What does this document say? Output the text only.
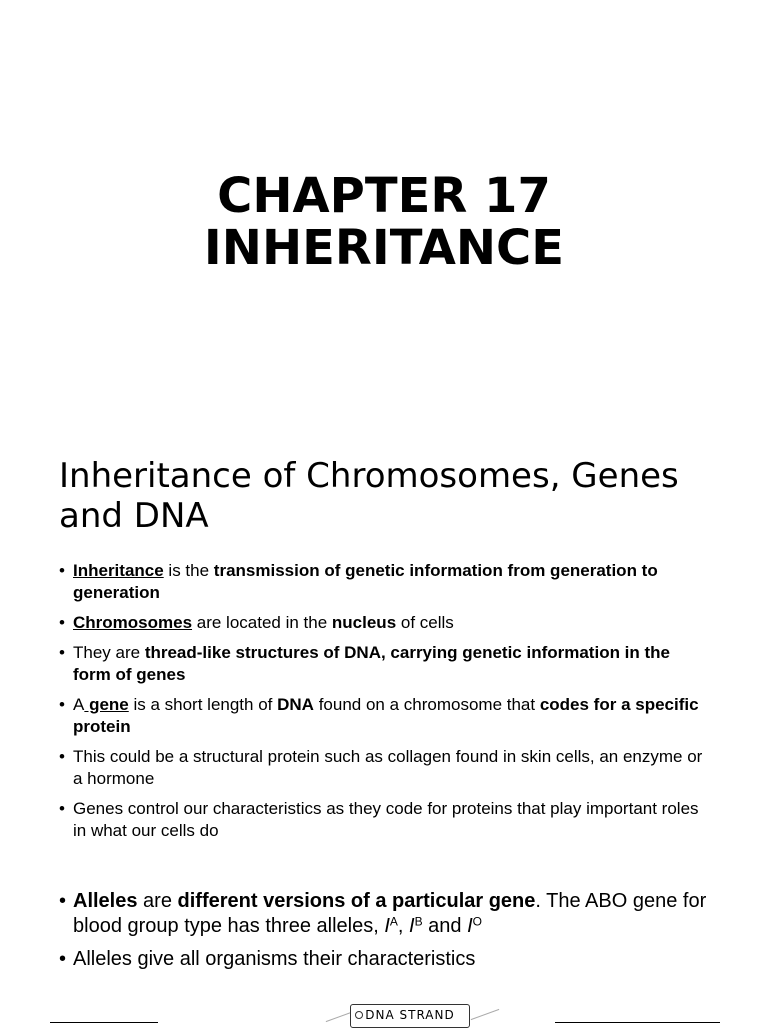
CHAPTER 17
INHERITANCE
Inheritance of Chromosomes, Genes and DNA
• Inheritance is the transmission of genetic information from generation to generation
• Chromosomes are located in the nucleus of cells
• They are thread-like structures of DNA, carrying genetic information in the form of genes
• A gene is a short length of DNA found on a chromosome that codes for a specific protein
• This could be a structural protein such as collagen found in skin cells, an enzyme or a hormone
• Genes control our characteristics as they code for proteins that play important roles in what our cells do
• Alleles are different versions of a particular gene. The ABO gene for blood group type has three alleles, $I^A$, $I^B$ and $I^O$
• Alleles give all organisms their characteristics
DNA STRAND
